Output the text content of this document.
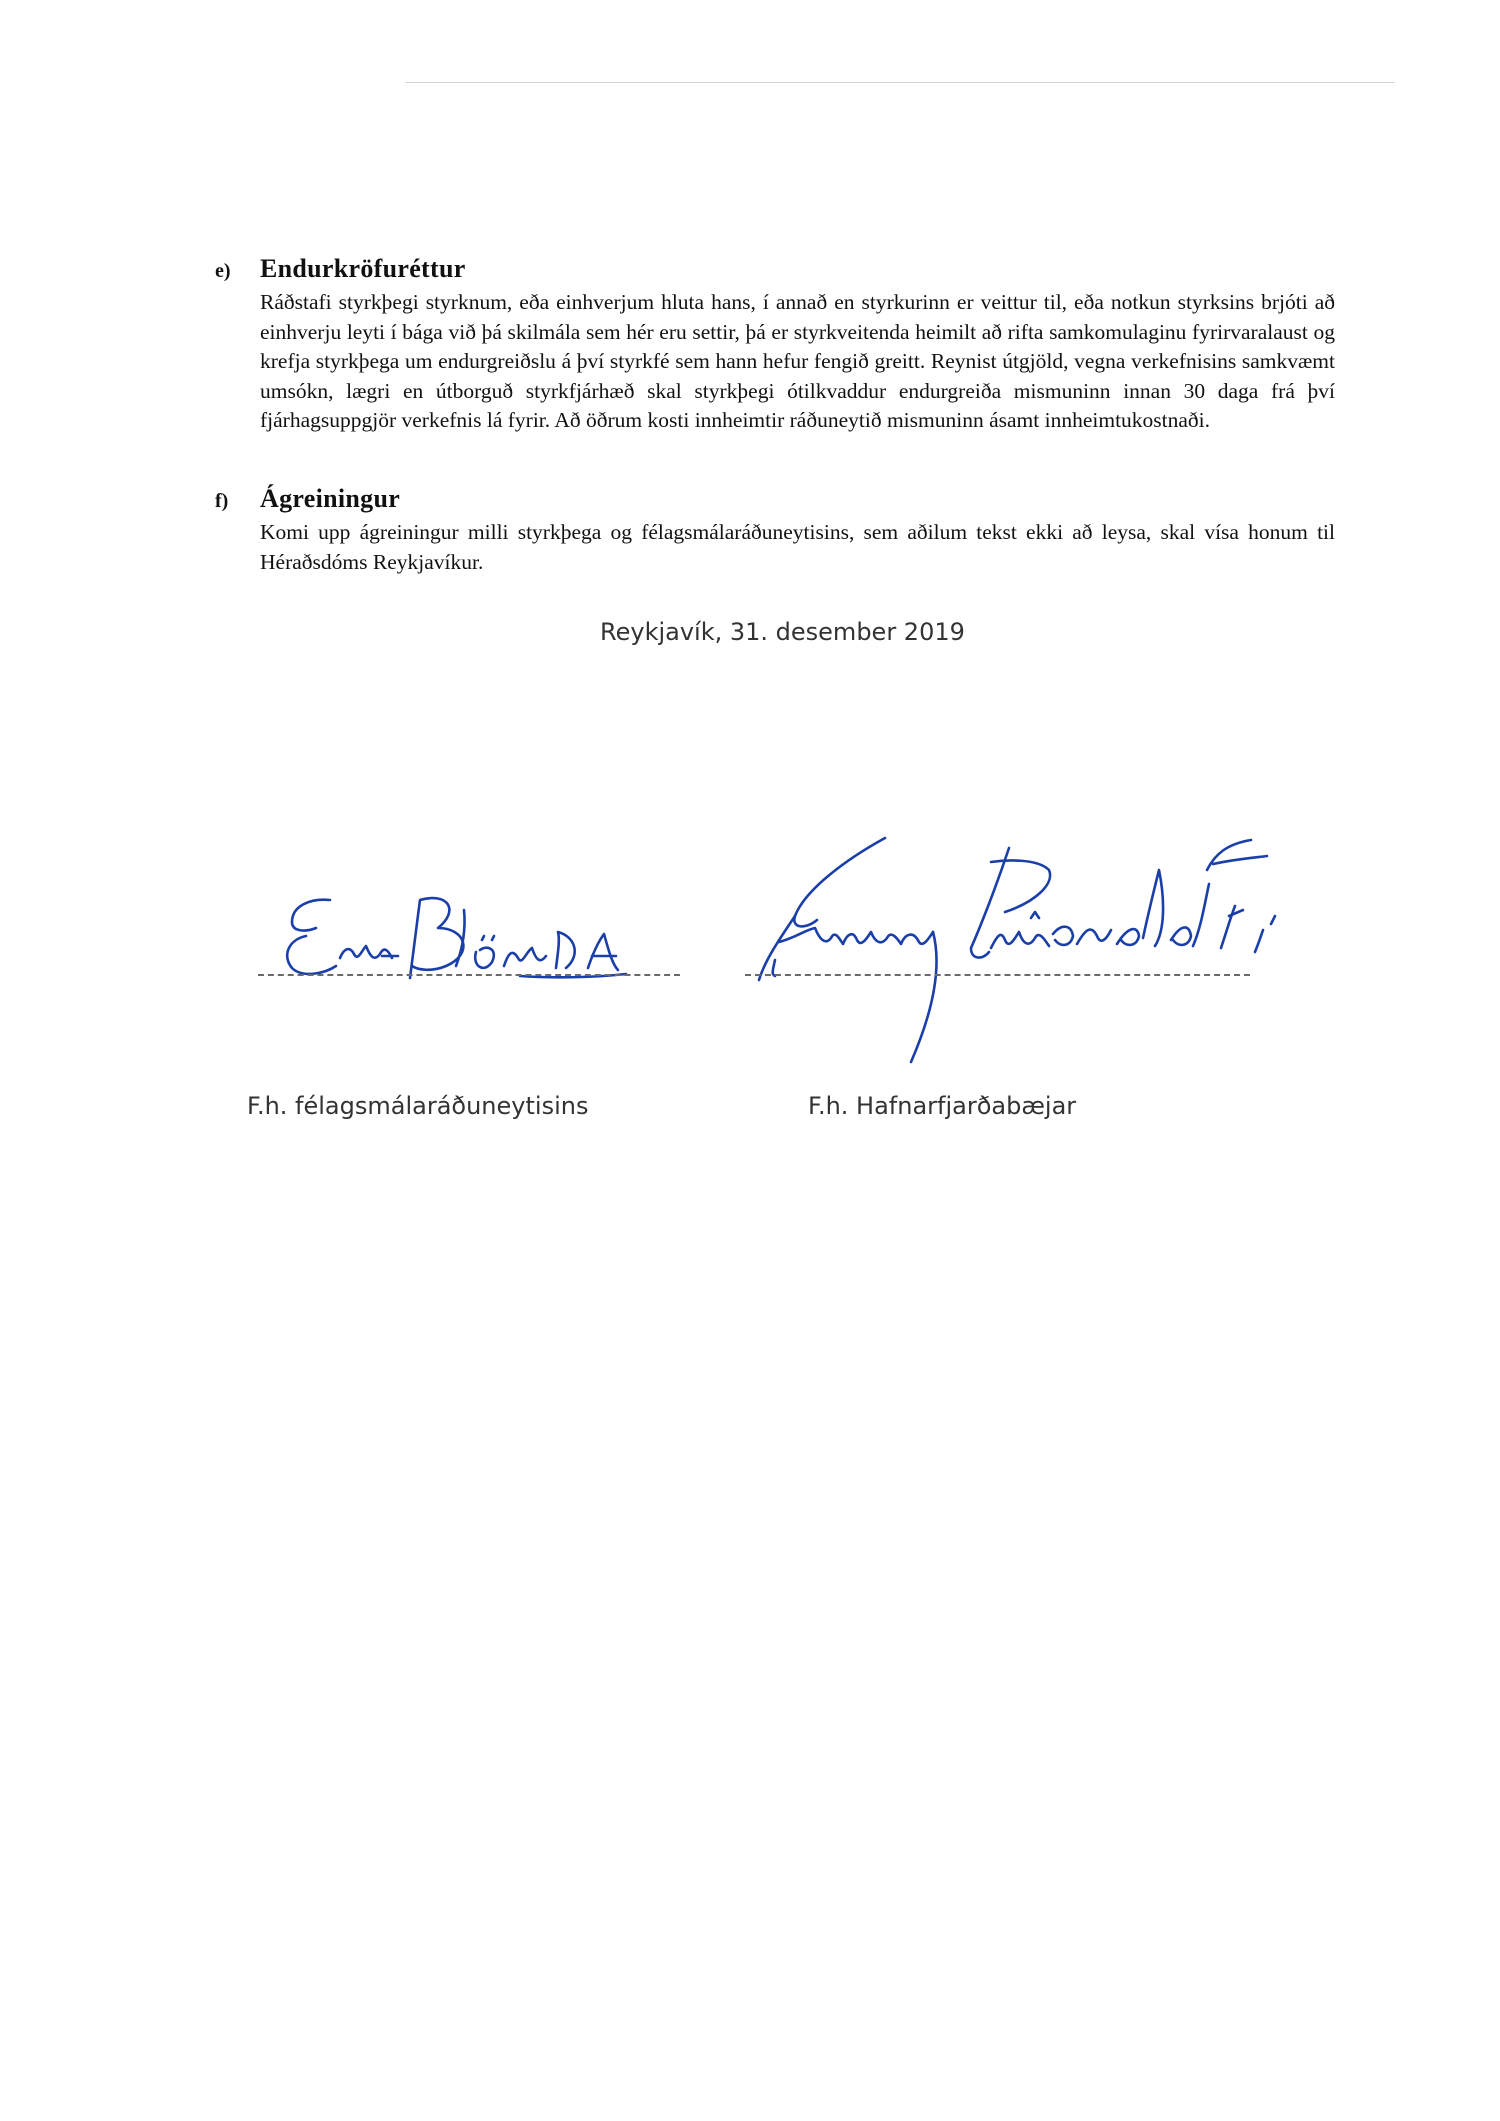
e) Endurkröfuréttur
Ráðstafi styrkþegi styrknum, eða einhverjum hluta hans, í annað en styrkurinn er veittur til, eða notkun styrksins brjóti að einhverju leyti í bága við þá skilmála sem hér eru settir, þá er styrkveitenda heimilt að rifta samkomulaginu fyrirvaralaust og krefja styrkþega um endurgreiðslu á því styrkfé sem hann hefur fengið greitt. Reynist útgjöld, vegna verkefnisins samkvæmt umsókn, lægri en útborguð styrkfjárhæð skal styrkþegi ótilkvaddur endurgreiða mismuninn innan 30 daga frá því fjárhagsuppgjör verkefnis lá fyrir. Að öðrum kosti innheimtir ráðuneytið mismuninn ásamt innheimtukostnaði.
f) Ágreiningur
Komi upp ágreiningur milli styrkþega og félagsmálaráðuneytisins, sem aðilum tekst ekki að leysa, skal vísa honum til Héraðsdóms Reykjavíkur.
Reykjavík, 31. desember 2019
F.h. félagsmálaráðuneytisins	F.h. Hafnarfjarðabæjar
